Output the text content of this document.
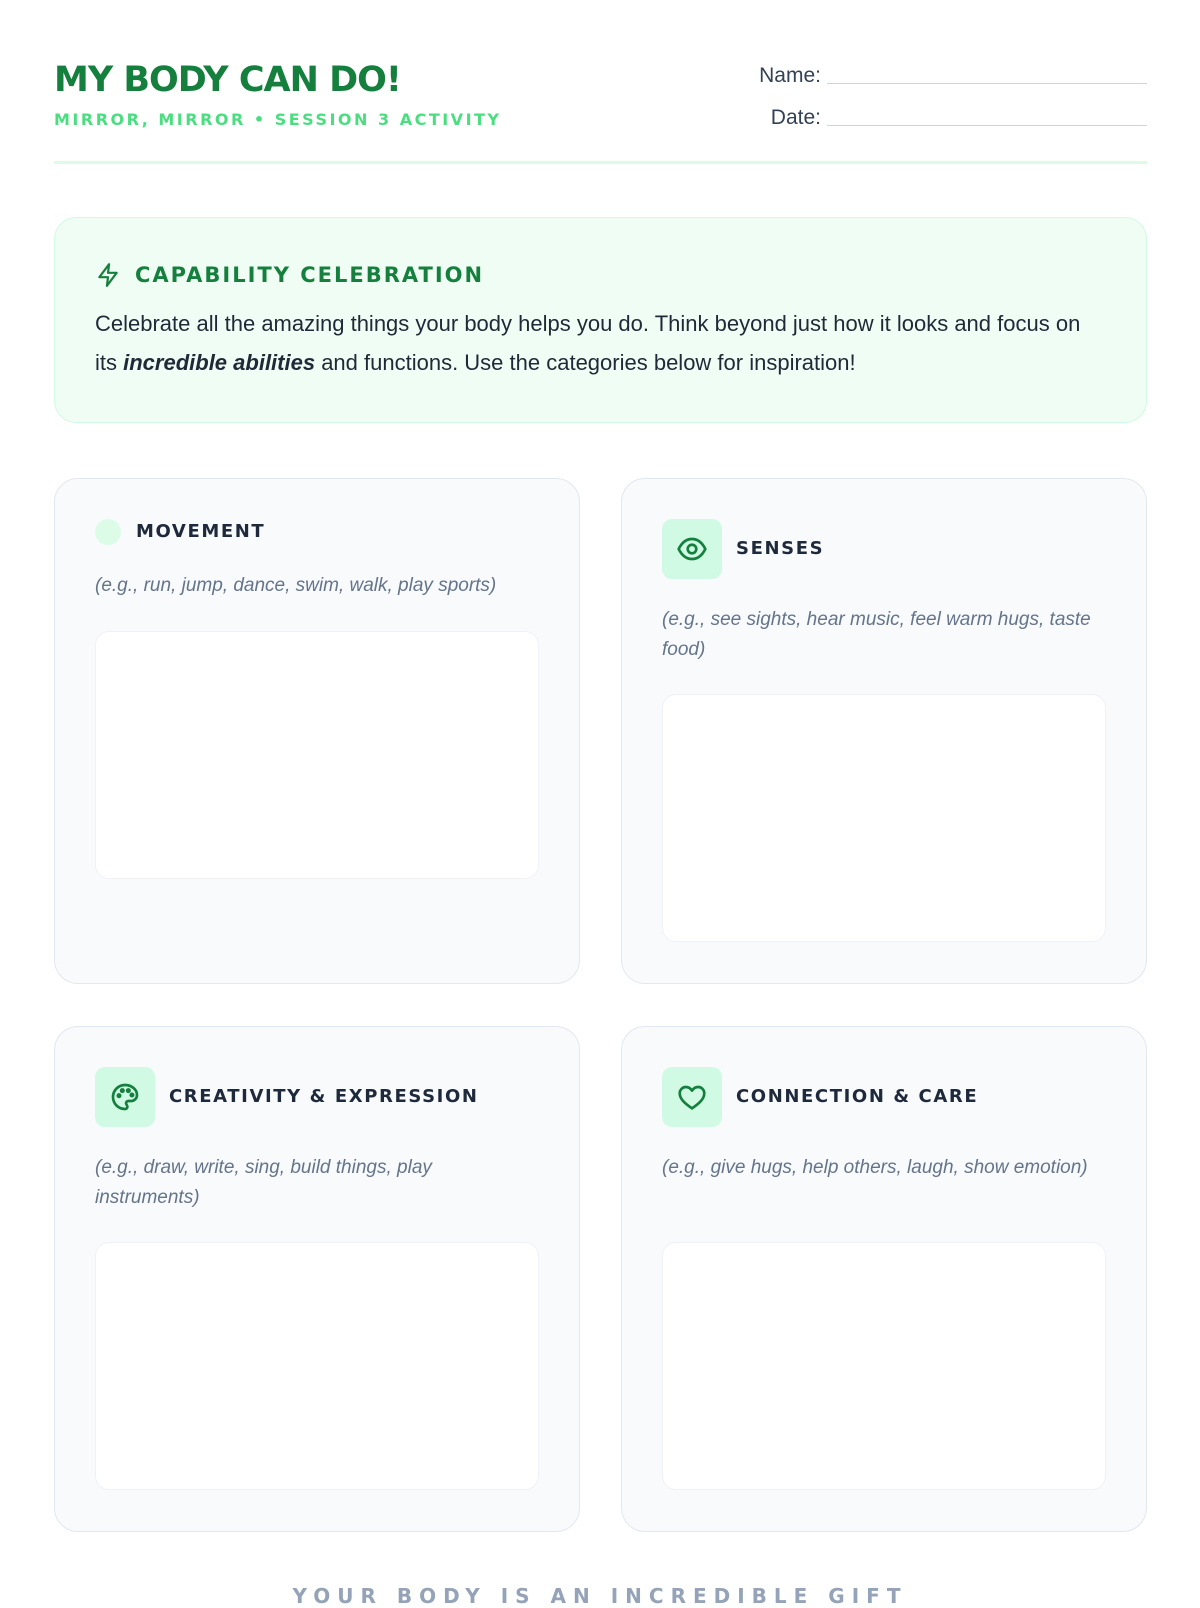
MY BODY CAN DO!
MIRROR, MIRROR • SESSION 3 ACTIVITY
Name:
Date:
CAPABILITY CELEBRATION

Celebrate all the amazing things your body helps you do. Think beyond just how it looks and focus on its incredible abilities and functions. Use the categories below for inspiration!

MOVEMENT
(e.g., run, jump, dance, swim, walk, play sports)
SENSES
(e.g., see sights, hear music, feel warm hugs, taste food)
CREATIVITY & EXPRESSION
(e.g., draw, write, sing, build things, play instruments)
CONNECTION & CARE
(e.g., give hugs, help others, laugh, show emotion)
YOUR BODY IS AN INCREDIBLE GIFT
